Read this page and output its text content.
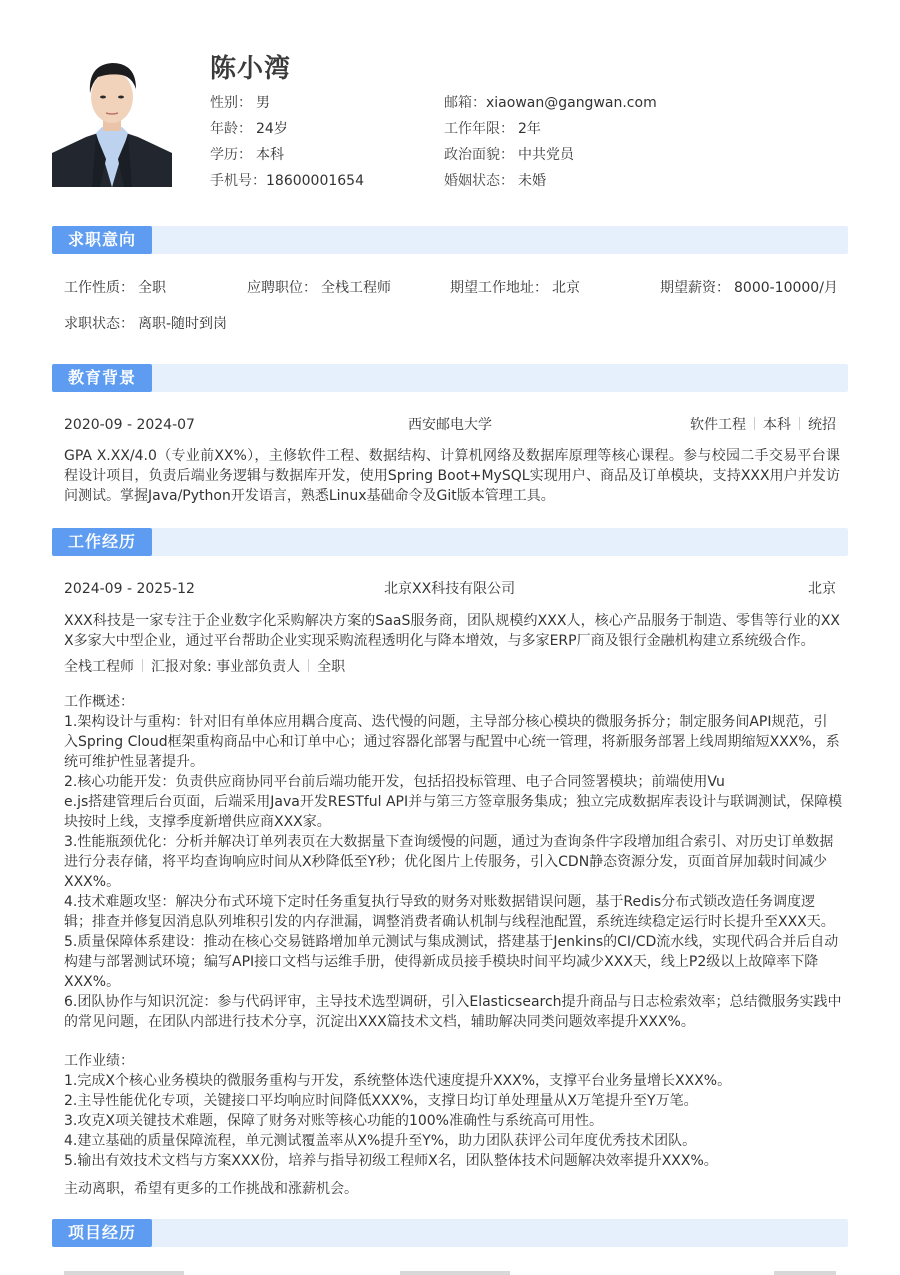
陈小湾
性别： 男
年龄： 24岁
学历： 本科
手机号：18600001654
邮箱：xiaowan@gangwan.com
工作年限： 2年
政治面貌： 中共党员
婚姻状态： 未婚
求职意向
工作性质： 全职	应聘职位： 全栈工程师	期望工作地址： 北京	期望薪资： 8000-10000/月
求职状态： 离职-随时到岗
教育背景
2020-09 - 2024-07	西安邮电大学	软件工程 本科 统招
GPA X.XX/4.0（专业前XX%），主修软件工程、数据结构、计算机网络及数据库原理等核心课程。参与校园二手交易平台课程设计项目，负责后端业务逻辑与数据库开发，使用Spring Boot+MySQL实现用户、商品及订单模块，支持XXX用户并发访问测试。掌握Java/Python开发语言，熟悉Linux基础命令及Git版本管理工具。
工作经历
2024-09 - 2025-12	北京XX科技有限公司	北京
XXX科技是一家专注于企业数字化采购解决方案的SaaS服务商，团队规模约XXX人，核心产品服务于制造、零售等行业的XXX多家大中型企业，通过平台帮助企业实现采购流程透明化与降本增效，与多家ERP厂商及银行金融机构建立系统级合作。
全栈工程师 汇报对象: 事业部负责人 全职
工作概述：
1.架构设计与重构：针对旧有单体应用耦合度高、迭代慢的问题，主导部分核心模块的微服务拆分；制定服务间API规范，引
入Spring Cloud框架重构商品中心和订单中心；通过容器化部署与配置中心统一管理，将新服务部署上线周期缩短XXX%，系
统可维护性显著提升。
2.核心功能开发：负责供应商协同平台前后端功能开发，包括招投标管理、电子合同签署模块；前端使用Vu
e.js搭建管理后台页面，后端采用Java开发RESTful API并与第三方签章服务集成；独立完成数据库表设计与联调测试，保障模
块按时上线，支撑季度新增供应商XXX家。
3.性能瓶颈优化：分析并解决订单列表页在大数据量下查询缓慢的问题，通过为查询条件字段增加组合索引、对历史订单数据
进行分表存储，将平均查询响应时间从X秒降低至Y秒；优化图片上传服务，引入CDN静态资源分发，页面首屏加载时间减少
XXX%。
4.技术难题攻坚：解决分布式环境下定时任务重复执行导致的财务对账数据错误问题，基于Redis分布式锁改造任务调度逻
辑；排查并修复因消息队列堆积引发的内存泄漏，调整消费者确认机制与线程池配置，系统连续稳定运行时长提升至XXX天。
5.质量保障体系建设：推动在核心交易链路增加单元测试与集成测试，搭建基于Jenkins的CI/CD流水线，实现代码合并后自动
构建与部署测试环境；编写API接口文档与运维手册，使得新成员接手模块时间平均减少XXX天，线上P2级以上故障率下降
XXX%。
6.团队协作与知识沉淀：参与代码评审，主导技术选型调研，引入Elasticsearch提升商品与日志检索效率；总结微服务实践中
的常见问题，在团队内部进行技术分享，沉淀出XXX篇技术文档，辅助解决同类问题效率提升XXX%。
工作业绩：
1.完成X个核心业务模块的微服务重构与开发，系统整体迭代速度提升XXX%，支撑平台业务量增长XXX%。
2.主导性能优化专项，关键接口平均响应时间降低XXX%，支撑日均订单处理量从X万笔提升至Y万笔。
3.攻克X项关键技术难题，保障了财务对账等核心功能的100%准确性与系统高可用性。
4.建立基础的质量保障流程，单元测试覆盖率从X%提升至Y%，助力团队获评公司年度优秀技术团队。
5.输出有效技术文档与方案XXX份，培养与指导初级工程师X名，团队整体技术问题解决效率提升XXX%。
主动离职，希望有更多的工作挑战和涨薪机会。
项目经历
